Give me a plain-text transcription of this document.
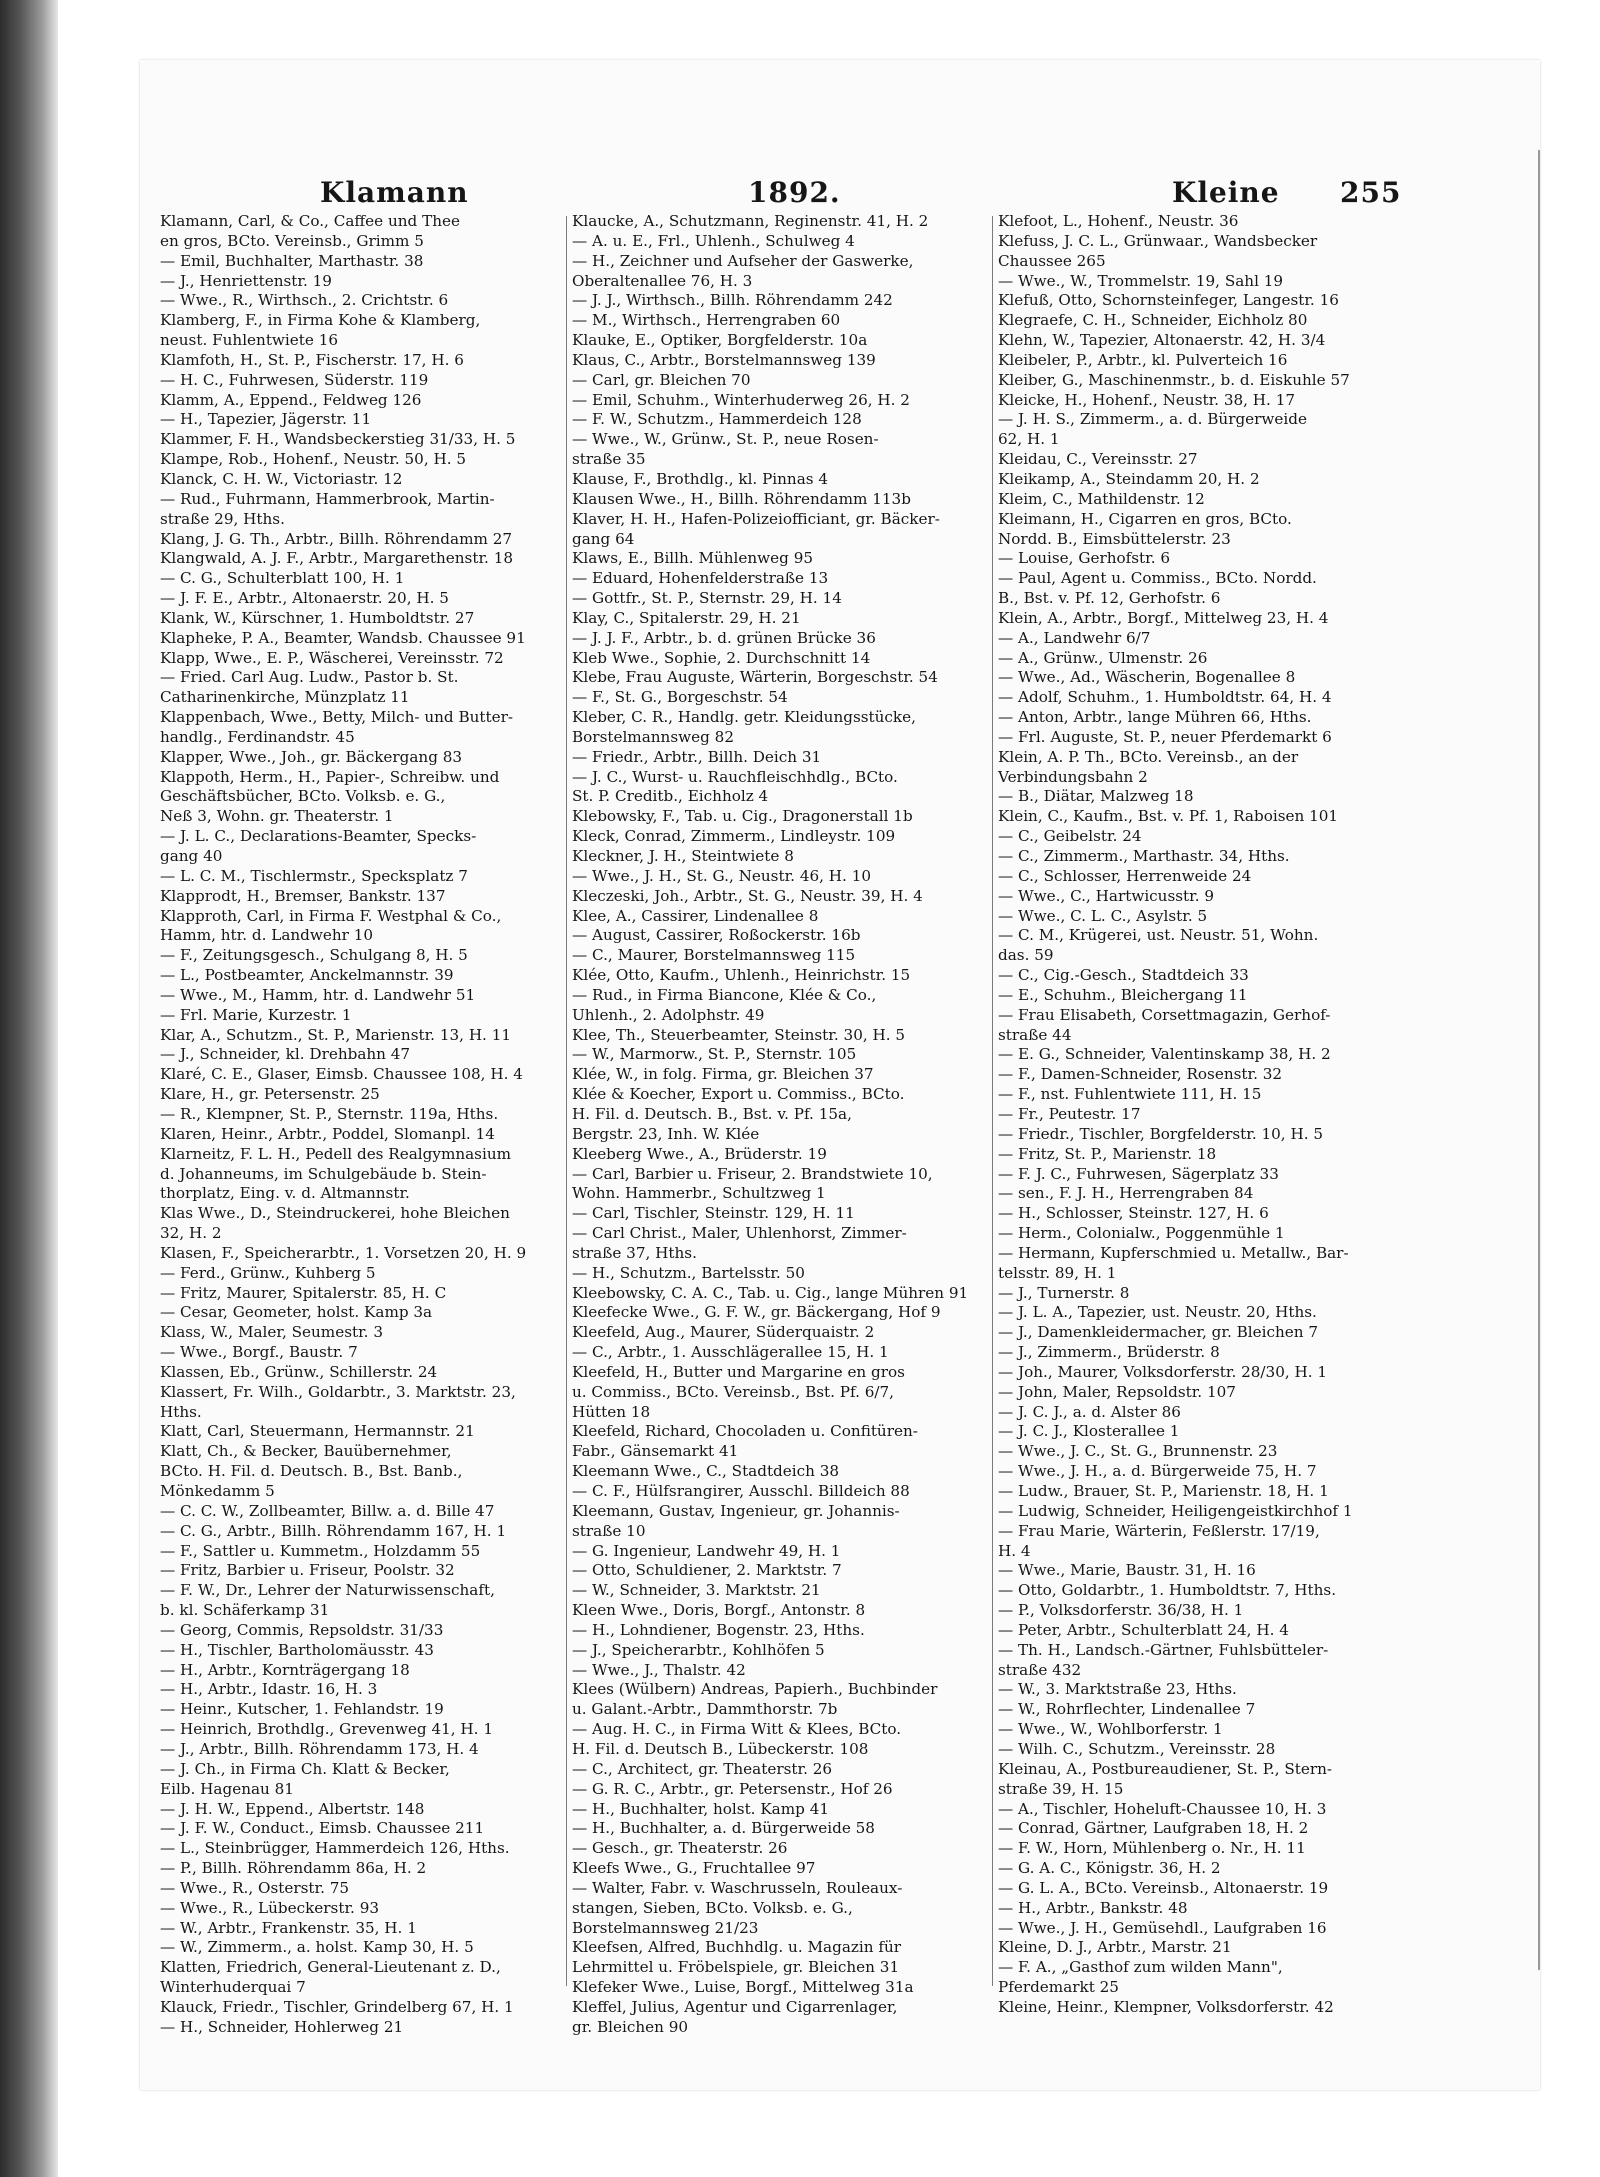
Klamann	1892.	Kleine 255
Klamann, Carl, & Co., Caffee und Thee
en gros, BCto. Vereinsb., Grimm 5
— Emil, Buchhalter, Marthastr. 38
— J., Henriettenstr. 19
— Wwe., R., Wirthsch., 2. Crichtstr. 6
Klamberg, F., in Firma Kohe & Klamberg,
neust. Fuhlentwiete 16
Klamfoth, H., St. P., Fischerstr. 17, H. 6
— H. C., Fuhrwesen, Süderstr. 119
Klamm, A., Eppend., Feldweg 126
— H., Tapezier, Jägerstr. 11
Klammer, F. H., Wandsbeckerstieg 31/33, H. 5
Klampe, Rob., Hohenf., Neustr. 50, H. 5
Klanck, C. H. W., Victoriastr. 12
— Rud., Fuhrmann, Hammerbrook, Martin-
straße 29, Hths.
Klang, J. G. Th., Arbtr., Billh. Röhrendamm 27
Klangwald, A. J. F., Arbtr., Margarethenstr. 18
— C. G., Schulterblatt 100, H. 1
— J. F. E., Arbtr., Altonaerstr. 20, H. 5
Klank, W., Kürschner, 1. Humboldtstr. 27
Klapheke, P. A., Beamter, Wandsb. Chaussee 91
Klapp, Wwe., E. P., Wäscherei, Vereinsstr. 72
— Fried. Carl Aug. Ludw., Pastor b. St.
Catharinenkirche, Münzplatz 11
Klappenbach, Wwe., Betty, Milch- und Butter-
handlg., Ferdinandstr. 45
Klapper, Wwe., Joh., gr. Bäckergang 83
Klappoth, Herm., H., Papier-, Schreibw. und
Geschäftsbücher, BCto. Volksb. e. G.,
Neß 3, Wohn. gr. Theaterstr. 1
— J. L. C., Declarations-Beamter, Specks-
gang 40
— L. C. M., Tischlermstr., Specksplatz 7
Klapprodt, H., Bremser, Bankstr. 137
Klapproth, Carl, in Firma F. Westphal & Co.,
Hamm, htr. d. Landwehr 10
— F., Zeitungsgesch., Schulgang 8, H. 5
— L., Postbeamter, Anckelmannstr. 39
— Wwe., M., Hamm, htr. d. Landwehr 51
— Frl. Marie, Kurzestr. 1
Klar, A., Schutzm., St. P., Marienstr. 13, H. 11
— J., Schneider, kl. Drehbahn 47
Klaré, C. E., Glaser, Eimsb. Chaussee 108, H. 4
Klare, H., gr. Petersenstr. 25
— R., Klempner, St. P., Sternstr. 119a, Hths.
Klaren, Heinr., Arbtr., Poddel, Slomanpl. 14
Klarneitz, F. L. H., Pedell des Realgymnasium
d. Johanneums, im Schulgebäude b. Stein-
thorplatz, Eing. v. d. Altmannstr.
Klas Wwe., D., Steindruckerei, hohe Bleichen
32, H. 2
Klasen, F., Speicherarbtr., 1. Vorsetzen 20, H. 9
— Ferd., Grünw., Kuhberg 5
— Fritz, Maurer, Spitalerstr. 85, H. C
— Cesar, Geometer, holst. Kamp 3a
Klass, W., Maler, Seumestr. 3
— Wwe., Borgf., Baustr. 7
Klassen, Eb., Grünw., Schillerstr. 24
Klassert, Fr. Wilh., Goldarbtr., 3. Marktstr. 23,
Hths.
Klatt, Carl, Steuermann, Hermannstr. 21
Klatt, Ch., & Becker, Bauübernehmer,
BCto. H. Fil. d. Deutsch. B., Bst. Banb.,
Mönkedamm 5
— C. C. W., Zollbeamter, Billw. a. d. Bille 47
— C. G., Arbtr., Billh. Röhrendamm 167, H. 1
— F., Sattler u. Kummetm., Holzdamm 55
— Fritz, Barbier u. Friseur, Poolstr. 32
— F. W., Dr., Lehrer der Naturwissenschaft,
b. kl. Schäferkamp 31
— Georg, Commis, Repsoldstr. 31/33
— H., Tischler, Bartholomäusstr. 43
— H., Arbtr., Kornträgergang 18
— H., Arbtr., Idastr. 16, H. 3
— Heinr., Kutscher, 1. Fehlandstr. 19
— Heinrich, Brothdlg., Grevenweg 41, H. 1
— J., Arbtr., Billh. Röhrendamm 173, H. 4
— J. Ch., in Firma Ch. Klatt & Becker,
Eilb. Hagenau 81
— J. H. W., Eppend., Albertstr. 148
— J. F. W., Conduct., Eimsb. Chaussee 211
— L., Steinbrügger, Hammerdeich 126, Hths.
— P., Billh. Röhrendamm 86a, H. 2
— Wwe., R., Osterstr. 75
— Wwe., R., Lübeckerstr. 93
— W., Arbtr., Frankenstr. 35, H. 1
— W., Zimmerm., a. holst. Kamp 30, H. 5
Klatten, Friedrich, General-Lieutenant z. D.,
Winterhuderquai 7
Klauck, Friedr., Tischler, Grindelberg 67, H. 1
— H., Schneider, Hohlerweg 21
Klaucke, A., Schutzmann, Reginenstr. 41, H. 2
— A. u. E., Frl., Uhlenh., Schulweg 4
— H., Zeichner und Aufseher der Gaswerke,
Oberaltenallee 76, H. 3
— J. J., Wirthsch., Billh. Röhrendamm 242
— M., Wirthsch., Herrengraben 60
Klauke, E., Optiker, Borgfelderstr. 10a
Klaus, C., Arbtr., Borstelmannsweg 139
— Carl, gr. Bleichen 70
— Emil, Schuhm., Winterhuderweg 26, H. 2
— F. W., Schutzm., Hammerdeich 128
— Wwe., W., Grünw., St. P., neue Rosen-
straße 35
Klause, F., Brothdlg., kl. Pinnas 4
Klausen Wwe., H., Billh. Röhrendamm 113b
Klaver, H. H., Hafen-Polizeiofficiant, gr. Bäcker-
gang 64
Klaws, E., Billh. Mühlenweg 95
— Eduard, Hohenfelderstraße 13
— Gottfr., St. P., Sternstr. 29, H. 14
Klay, C., Spitalerstr. 29, H. 21
— J. J. F., Arbtr., b. d. grünen Brücke 36
Kleb Wwe., Sophie, 2. Durchschnitt 14
Klebe, Frau Auguste, Wärterin, Borgeschstr. 54
— F., St. G., Borgeschstr. 54
Kleber, C. R., Handlg. getr. Kleidungsstücke,
Borstelmannsweg 82
— Friedr., Arbtr., Billh. Deich 31
— J. C., Wurst- u. Rauchfleischhdlg., BCto.
St. P. Creditb., Eichholz 4
Klebowsky, F., Tab. u. Cig., Dragonerstall 1b
Kleck, Conrad, Zimmerm., Lindleystr. 109
Kleckner, J. H., Steintwiete 8
— Wwe., J. H., St. G., Neustr. 46, H. 10
Kleczeski, Joh., Arbtr., St. G., Neustr. 39, H. 4
Klee, A., Cassirer, Lindenallee 8
— August, Cassirer, Roßockerstr. 16b
— C., Maurer, Borstelmannsweg 115
Klée, Otto, Kaufm., Uhlenh., Heinrichstr. 15
— Rud., in Firma Biancone, Klée & Co.,
Uhlenh., 2. Adolphstr. 49
Klee, Th., Steuerbeamter, Steinstr. 30, H. 5
— W., Marmorw., St. P., Sternstr. 105
Klée, W., in folg. Firma, gr. Bleichen 37
Klée & Koecher, Export u. Commiss., BCto.
H. Fil. d. Deutsch. B., Bst. v. Pf. 15a,
Bergstr. 23, Inh. W. Klée
Kleeberg Wwe., A., Brüderstr. 19
— Carl, Barbier u. Friseur, 2. Brandstwiete 10,
Wohn. Hammerbr., Schultzweg 1
— Carl, Tischler, Steinstr. 129, H. 11
— Carl Christ., Maler, Uhlenhorst, Zimmer-
straße 37, Hths.
— H., Schutzm., Bartelsstr. 50
Kleebowsky, C. A. C., Tab. u. Cig., lange Mühren 91
Kleefecke Wwe., G. F. W., gr. Bäckergang, Hof 9
Kleefeld, Aug., Maurer, Süderquaistr. 2
— C., Arbtr., 1. Ausschlägerallee 15, H. 1
Kleefeld, H., Butter und Margarine en gros
u. Commiss., BCto. Vereinsb., Bst. Pf. 6/7,
Hütten 18
Kleefeld, Richard, Chocoladen u. Confitüren-
Fabr., Gänsemarkt 41
Kleemann Wwe., C., Stadtdeich 38
— C. F., Hülfsrangirer, Ausschl. Billdeich 88
Kleemann, Gustav, Ingenieur, gr. Johannis-
straße 10
— G. Ingenieur, Landwehr 49, H. 1
— Otto, Schuldiener, 2. Marktstr. 7
— W., Schneider, 3. Marktstr. 21
Kleen Wwe., Doris, Borgf., Antonstr. 8
— H., Lohndiener, Bogenstr. 23, Hths.
— J., Speicherarbtr., Kohlhöfen 5
— Wwe., J., Thalstr. 42
Klees (Wülbern) Andreas, Papierh., Buchbinder
u. Galant.-Arbtr., Dammthorstr. 7b
— Aug. H. C., in Firma Witt & Klees, BCto.
H. Fil. d. Deutsch B., Lübeckerstr. 108
— C., Architect, gr. Theaterstr. 26
— G. R. C., Arbtr., gr. Petersenstr., Hof 26
— H., Buchhalter, holst. Kamp 41
— H., Buchhalter, a. d. Bürgerweide 58
— Gesch., gr. Theaterstr. 26
Kleefs Wwe., G., Fruchtallee 97
— Walter, Fabr. v. Waschrusseln, Rouleaux-
stangen, Sieben, BCto. Volksb. e. G.,
Borstelmannsweg 21/23
Kleefsen, Alfred, Buchhdlg. u. Magazin für
Lehrmittel u. Fröbelspiele, gr. Bleichen 31
Klefeker Wwe., Luise, Borgf., Mittelweg 31a
Kleffel, Julius, Agentur und Cigarrenlager,
gr. Bleichen 90
Klefoot, L., Hohenf., Neustr. 36
Klefuss, J. C. L., Grünwaar., Wandsbecker
Chaussee 265
— Wwe., W., Trommelstr. 19, Sahl 19
Klefuß, Otto, Schornsteinfeger, Langestr. 16
Klegraefe, C. H., Schneider, Eichholz 80
Klehn, W., Tapezier, Altonaerstr. 42, H. 3/4
Kleibeler, P., Arbtr., kl. Pulverteich 16
Kleiber, G., Maschinenmstr., b. d. Eiskuhle 57
Kleicke, H., Hohenf., Neustr. 38, H. 17
— J. H. S., Zimmerm., a. d. Bürgerweide
62, H. 1
Kleidau, C., Vereinsstr. 27
Kleikamp, A., Steindamm 20, H. 2
Kleim, C., Mathildenstr. 12
Kleimann, H., Cigarren en gros, BCto.
Nordd. B., Eimsbüttelerstr. 23
— Louise, Gerhofstr. 6
— Paul, Agent u. Commiss., BCto. Nordd.
B., Bst. v. Pf. 12, Gerhofstr. 6
Klein, A., Arbtr., Borgf., Mittelweg 23, H. 4
— A., Landwehr 6/7
— A., Grünw., Ulmenstr. 26
— Wwe., Ad., Wäscherin, Bogenallee 8
— Adolf, Schuhm., 1. Humboldtstr. 64, H. 4
— Anton, Arbtr., lange Mühren 66, Hths.
— Frl. Auguste, St. P., neuer Pferdemarkt 6
Klein, A. P. Th., BCto. Vereinsb., an der
Verbindungsbahn 2
— B., Diätar, Malzweg 18
Klein, C., Kaufm., Bst. v. Pf. 1, Raboisen 101
— C., Geibelstr. 24
— C., Zimmerm., Marthastr. 34, Hths.
— C., Schlosser, Herrenweide 24
— Wwe., C., Hartwicusstr. 9
— Wwe., C. L. C., Asylstr. 5
— C. M., Krügerei, ust. Neustr. 51, Wohn.
das. 59
— C., Cig.-Gesch., Stadtdeich 33
— E., Schuhm., Bleichergang 11
— Frau Elisabeth, Corsettmagazin, Gerhof-
straße 44
— E. G., Schneider, Valentinskamp 38, H. 2
— F., Damen-Schneider, Rosenstr. 32
— F., nst. Fuhlentwiete 111, H. 15
— Fr., Peutestr. 17
— Friedr., Tischler, Borgfelderstr. 10, H. 5
— Fritz, St. P., Marienstr. 18
— F. J. C., Fuhrwesen, Sägerplatz 33
— sen., F. J. H., Herrengraben 84
— H., Schlosser, Steinstr. 127, H. 6
— Herm., Colonialw., Poggenmühle 1
— Hermann, Kupferschmied u. Metallw., Bar-
telsstr. 89, H. 1
— J., Turnerstr. 8
— J. L. A., Tapezier, ust. Neustr. 20, Hths.
— J., Damenkleidermacher, gr. Bleichen 7
— J., Zimmerm., Brüderstr. 8
— Joh., Maurer, Volksdorferstr. 28/30, H. 1
— John, Maler, Repsoldstr. 107
— J. C. J., a. d. Alster 86
— J. C. J., Klosterallee 1
— Wwe., J. C., St. G., Brunnenstr. 23
— Wwe., J. H., a. d. Bürgerweide 75, H. 7
— Ludw., Brauer, St. P., Marienstr. 18, H. 1
— Ludwig, Schneider, Heiligengeistkirchhof 1
— Frau Marie, Wärterin, Feßlerstr. 17/19,
H. 4
— Wwe., Marie, Baustr. 31, H. 16
— Otto, Goldarbtr., 1. Humboldtstr. 7, Hths.
— P., Volksdorferstr. 36/38, H. 1
— Peter, Arbtr., Schulterblatt 24, H. 4
— Th. H., Landsch.-Gärtner, Fuhlsbütteler-
straße 432
— W., 3. Marktstraße 23, Hths.
— W., Rohrflechter, Lindenallee 7
— Wwe., W., Wohlborferstr. 1
— Wilh. C., Schutzm., Vereinsstr. 28
Kleinau, A., Postbureaudiener, St. P., Stern-
straße 39, H. 15
— A., Tischler, Hoheluft-Chaussee 10, H. 3
— Conrad, Gärtner, Laufgraben 18, H. 2
— F. W., Horn, Mühlenberg o. Nr., H. 11
— G. A. C., Königstr. 36, H. 2
— G. L. A., BCto. Vereinsb., Altonaerstr. 19
— H., Arbtr., Bankstr. 48
— Wwe., J. H., Gemüsehdl., Laufgraben 16
Kleine, D. J., Arbtr., Marstr. 21
— F. A., „Gasthof zum wilden Mann",
Pferdemarkt 25
Kleine, Heinr., Klempner, Volksdorferstr. 42
